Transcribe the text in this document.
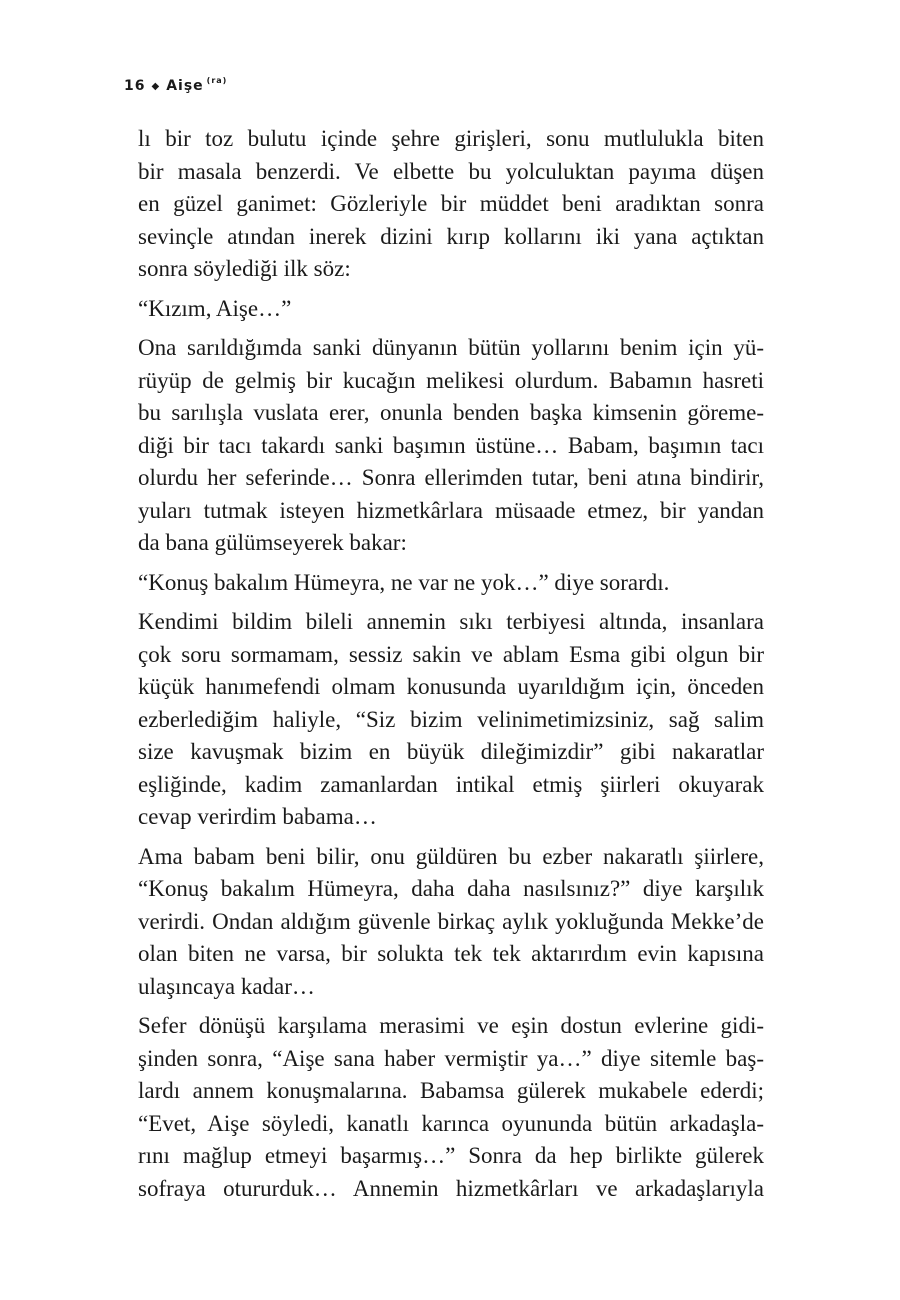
16 ◆ Aişe (ra)
lı bir toz bulutu içinde şehre girişleri, sonu mutlulukla biten
bir masala benzerdi. Ve elbette bu yolculuktan payıma düşen
en güzel ganimet: Gözleriyle bir müddet beni aradıktan sonra
sevinçle atından inerek dizini kırıp kollarını iki yana açtıktan
sonra söylediği ilk söz:
“Kızım, Aişe…”
Ona sarıldığımda sanki dünyanın bütün yollarını benim için yü-
rüyüp de gelmiş bir kucağın melikesi olurdum. Babamın hasreti
bu sarılışla vuslata erer, onunla benden başka kimsenin göreme-
diği bir tacı takardı sanki başımın üstüne… Babam, başımın tacı
olurdu her seferinde… Sonra ellerimden tutar, beni atına bindirir,
yuları tutmak isteyen hizmetkârlara müsaade etmez, bir yandan
da bana gülümseyerek bakar:
“Konuş bakalım Hümeyra, ne var ne yok…” diye sorardı.
Kendimi bildim bileli annemin sıkı terbiyesi altında, insanlara
çok soru sormamam, sessiz sakin ve ablam Esma gibi olgun bir
küçük hanımefendi olmam konusunda uyarıldığım için, önceden
ezberlediğim haliyle, “Siz bizim velinimetimizsiniz, sağ salim
size kavuşmak bizim en büyük dileğimizdir” gibi nakaratlar
eşliğinde, kadim zamanlardan intikal etmiş şiirleri okuyarak
cevap verirdim babama…
Ama babam beni bilir, onu güldüren bu ezber nakaratlı şiirlere,
“Konuş bakalım Hümeyra, daha daha nasılsınız?” diye karşılık
verirdi. Ondan aldığım güvenle birkaç aylık yokluğunda Mekke’de
olan biten ne varsa, bir solukta tek tek aktarırdım evin kapısına
ulaşıncaya kadar…
Sefer dönüşü karşılama merasimi ve eşin dostun evlerine gidi-
şinden sonra, “Aişe sana haber vermiştir ya…” diye sitemle baş-
lardı annem konuşmalarına. Babamsa gülerek mukabele ederdi;
“Evet, Aişe söyledi, kanatlı karınca oyununda bütün arkadaşla-
rını mağlup etmeyi başarmış…” Sonra da hep birlikte gülerek
sofraya otururduk… Annemin hizmetkârları ve arkadaşlarıyla
